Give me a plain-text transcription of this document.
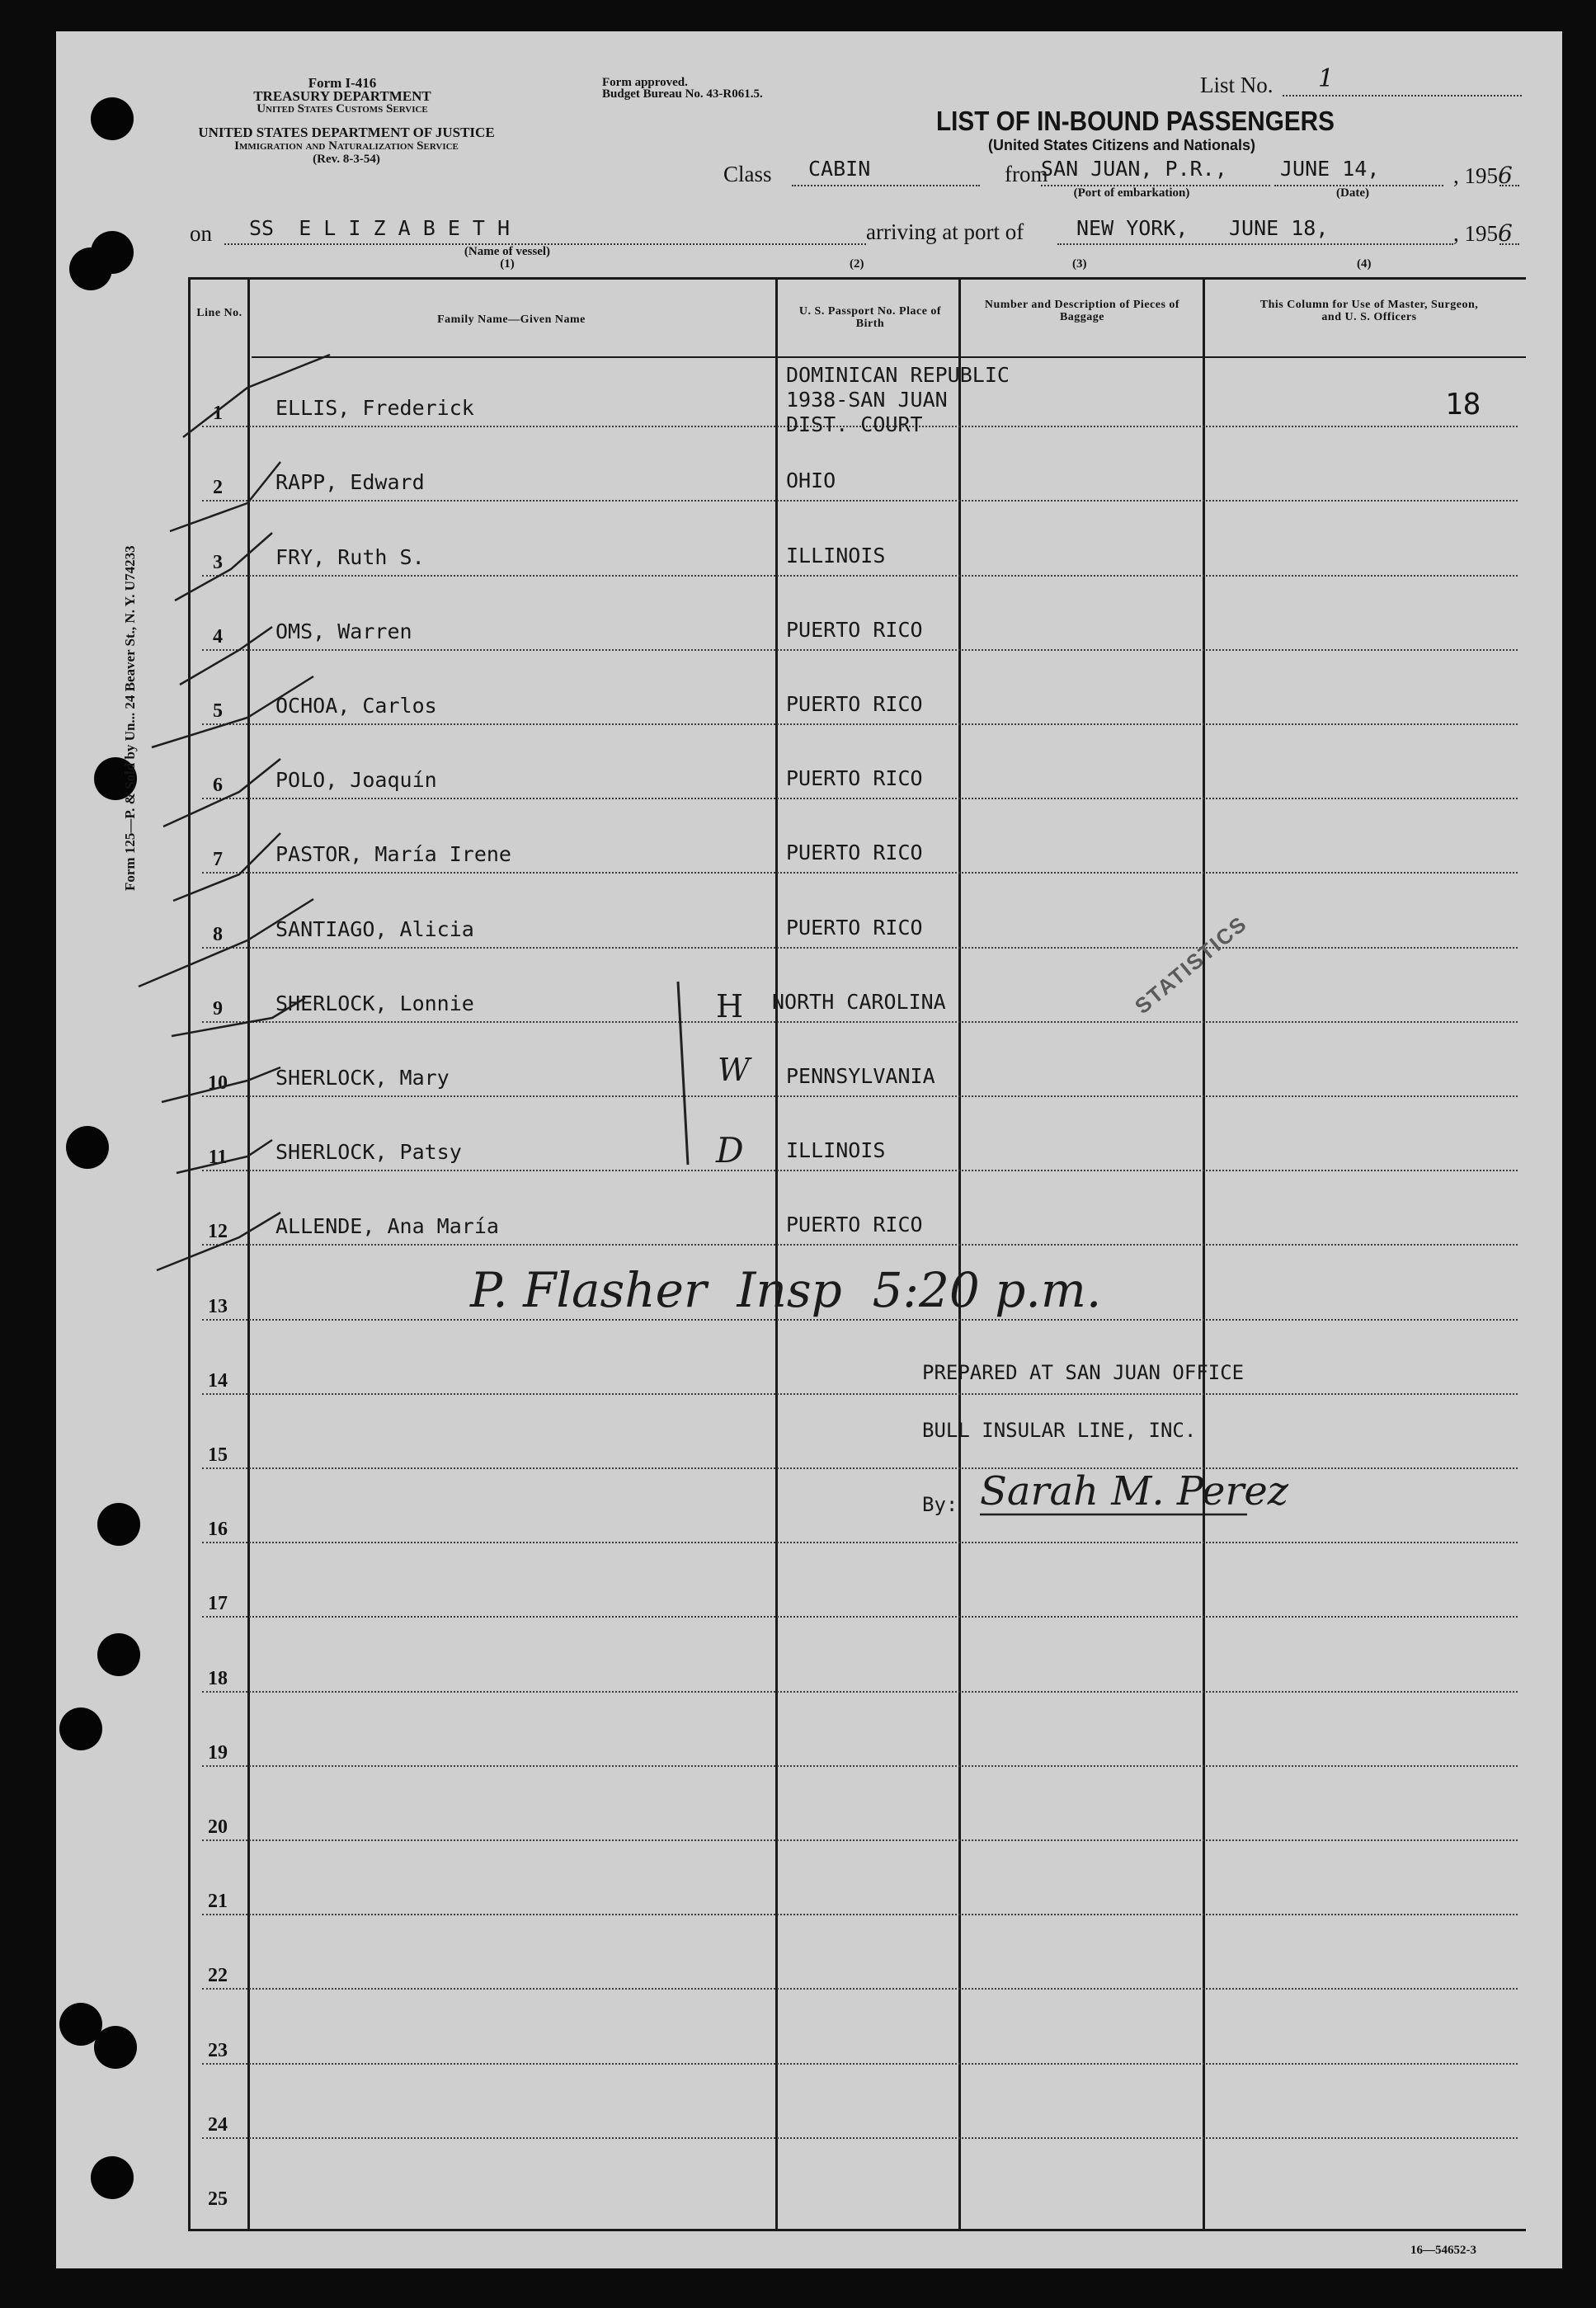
Form 125—P. & Sold by Un... 24 Beaver St., N. Y. U74233
Form I-416
TREASURY DEPARTMENT
United States Customs Service
UNITED STATES DEPARTMENT OF JUSTICE
Immigration and Naturalization Service
(Rev. 8-3-54)
Form approved.
Budget Bureau No. 43-R061.5.	List No. 1
LIST OF IN-BOUND PASSENGERS
(United States Citizens and Nationals)
Class CABIN	from
SAN JUAN, P.R.,
(Port of embarkation)
JUNE 14,
(Date)
, 1956
on SS  E L I Z A B E T H
(Name of vessel)
(1)
arriving at port of	NEW YORK, JUNE 18,	, 1956
(2)	(3)	(4)
Line No.
Family Name—Given Name
U. S. Passport No. Place of Birth
Number and Description of Pieces of Baggage
This Column for Use of Master, Surgeon, and U. S. Officers
1	ELLIS, Frederick
DOMINICAN REPUBLIC
1938-SAN JUAN
DIST. COURT
2	RAPP, Edward	OHIO
3	FRY, Ruth S.	ILLINOIS
4	OMS, Warren	PUERTO RICO
5	OCHOA, Carlos	PUERTO RICO
6	POLO, Joaquín	PUERTO RICO
7	PASTOR, María Irene	PUERTO RICO
8	SANTIAGO, Alicia	PUERTO RICO
9	SHERLOCK, Lonnie	NORTH CAROLINA
10	SHERLOCK, Mary	PENNSYLVANIA
11	SHERLOCK, Patsy	ILLINOIS
12	ALLENDE, Ana María	PUERTO RICO
13
14
15
16
17
18
19
20
21
22
23
24
25
18
STATISTICS
H
W
D
P. Flasher  Insp  5:20 p.m.
PREPARED AT SAN JUAN OFFICE
BULL INSULAR LINE, INC.
By: Sarah M. Perez
16—54652-3
